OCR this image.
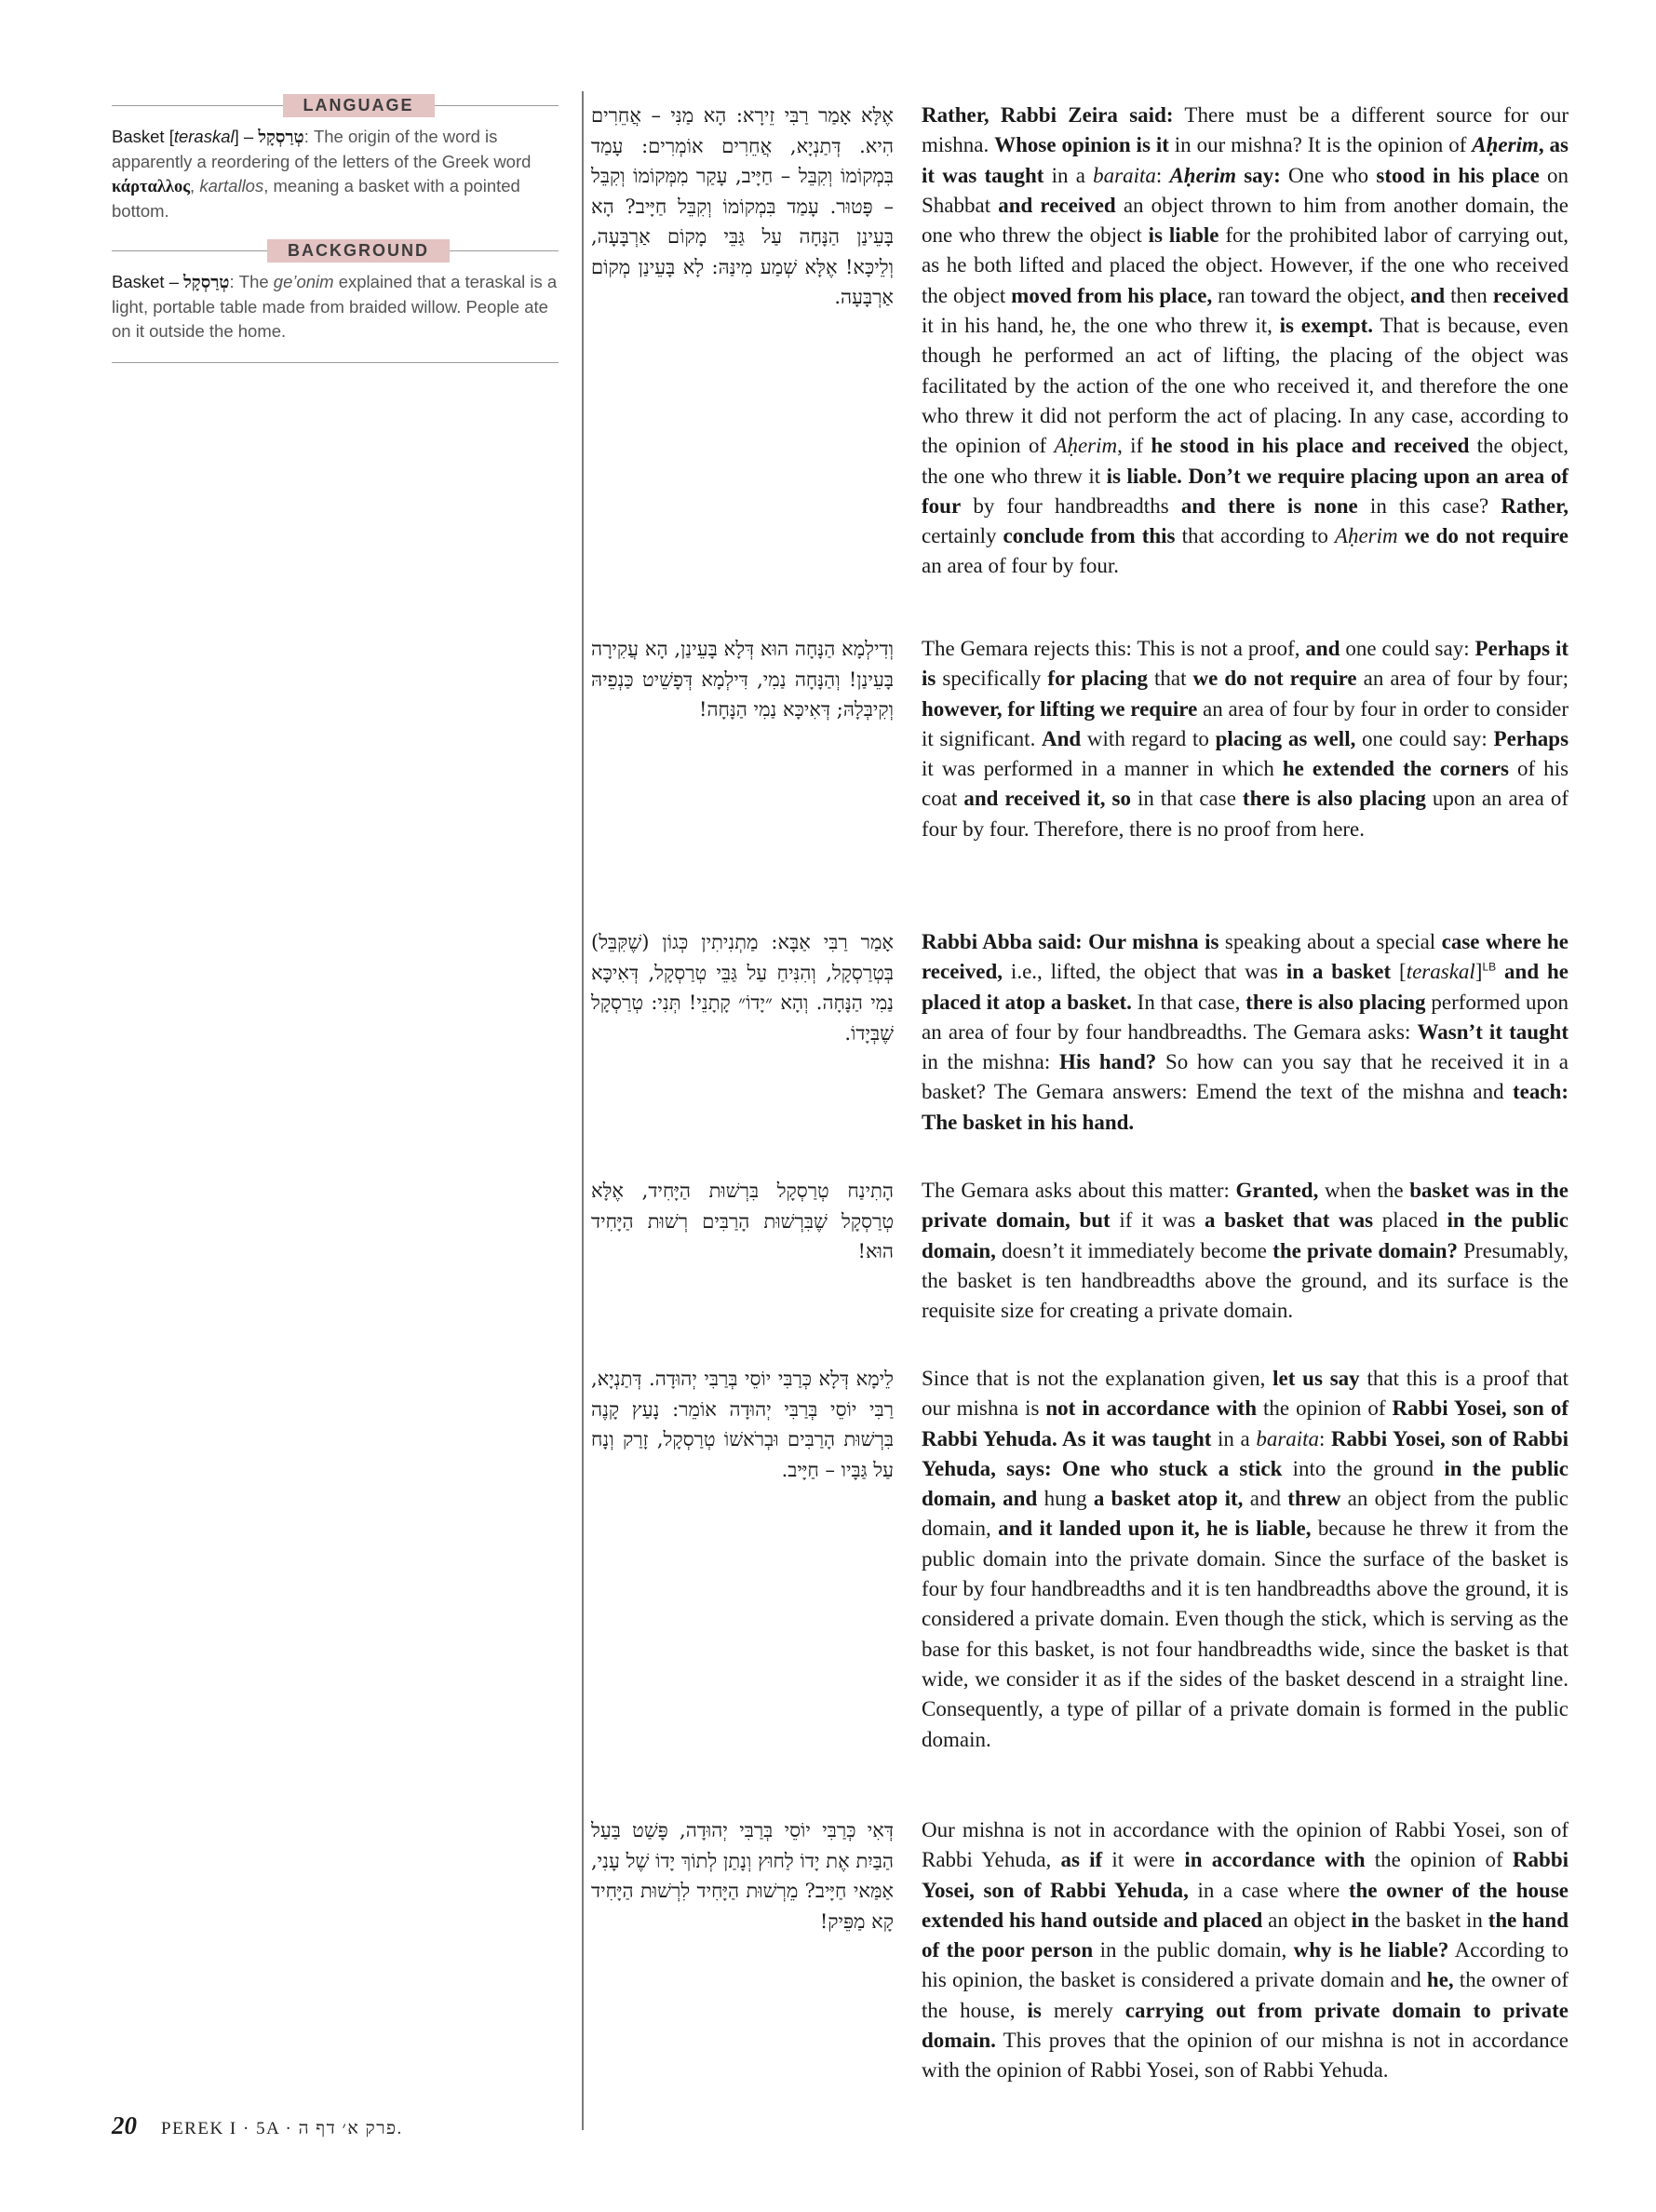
LANGUAGE
Basket [teraskal] – טְרַסְקָל: The origin of the word is apparently a reordering of the letters of the Greek word κάρταλλος, kartallos, meaning a basket with a pointed bottom.
BACKGROUND
Basket – טְרַסְקָל: The ge’onim explained that a teraskal is a light, portable table made from braided willow. People ate on it outside the home.
אֶלָּא אָמַר רַבִּי זֵירָא: הָא מַנִּי – אֲחֵרִים הִיא. דְּתַנְיָא, אֲחֵרִים אוֹמְרִים: עָמַד בִּמְקוֹמוֹ וְקִבֵּל – חַיָּיב, עָקַר מִמְּקוֹמוֹ וְקִבֵּל – פָּטוּר. עָמַד בִּמְקוֹמוֹ וְקִבֵּל חַיָּיב? הָא בָּעֵינַן הַנָּחָה עַל גַּבֵּי מָקוֹם אַרְבָּעָה, וְלֵיכָּא! אֶלָּא שְׁמַע מִינַּהּ: לָא בָּעֵינַן מְקוֹם אַרְבָּעָה.
Rather, Rabbi Zeira said: There must be a different source for our mishna. Whose opinion is it in our mishna? It is the opinion of Aḥerim, as it was taught in a baraita: Aḥerim say: One who stood in his place on Shabbat and received an object thrown to him from another domain, the one who threw the object is liable for the prohibited labor of carrying out, as he both lifted and placed the object. However, if the one who received the object moved from his place, ran toward the object, and then received it in his hand, he, the one who threw it, is exempt. That is because, even though he performed an act of lifting, the placing of the object was facilitated by the action of the one who received it, and therefore the one who threw it did not perform the act of placing. In any case, according to the opinion of Aḥerim, if he stood in his place and received the object, the one who threw it is liable. Don’t we require placing upon an area of four by four handbreadths and there is none in this case? Rather, certainly conclude from this that according to Aḥerim we do not require an area of four by four.
וְדִילְמָא הַנָּחָה הוּא דְּלָא בָּעֵינַן, הָא עֲקִירָה בָּעֵינַן! וְהַנָּחָה נַמִי, דִּילְמָא דְּפָשֵׁיט כַּנְפֵיהּ וְקִיבְּלָהּ; דְּאִיכָּא נַמִי הַנָּחָה!
The Gemara rejects this: This is not a proof, and one could say: Perhaps it is specifically for placing that we do not require an area of four by four; however, for lifting we require an area of four by four in order to consider it significant. And with regard to placing as well, one could say: Perhaps it was performed in a manner in which he extended the corners of his coat and received it, so in that case there is also placing upon an area of four by four. Therefore, there is no proof from here.
אָמַר רַבִּי אַבָּא: מַתְנִיתִין כְּגוֹן (שֶׁקִּבֵּל) בְּטְרַסְקָל, וְהִנִּיחַ עַל גַּבֵּי טְרַסְקָל, דְּאִיכָּא נַמִי הַנָּחָה. וְהָא ״יָדוֹ״ קָתָנֵי! תְּנִי: טְרַסְקָל שֶׁבְּיָדוֹ.
Rabbi Abba said: Our mishna is speaking about a special case where he received, i.e., lifted, the object that was in a basket [teraskal]$^{LB}$ and he placed it atop a basket. In that case, there is also placing performed upon an area of four by four handbreadths. The Gemara asks: Wasn’t it taught in the mishna: His hand? So how can you say that he received it in a basket? The Gemara answers: Emend the text of the mishna and teach: The basket in his hand.
הָתִינַח טְרַסְקָל בִּרְשׁוּת הַיָּחִיד, אֶלָּא טְרַסְקָל שֶׁבִּרְשׁוּת הָרַבִּים רְשׁוּת הַיָּחִיד הוּא!
The Gemara asks about this matter: Granted, when the basket was in the private domain, but if it was a basket that was placed in the public domain, doesn’t it immediately become the private domain? Presumably, the basket is ten handbreadths above the ground, and its surface is the requisite size for creating a private domain.
לֵימָא דְּלָא כְּרַבִּי יוֹסֵי בְּרַבִּי יְהוּדָה. דְּתַנְיָא, רַבִּי יוֹסֵי בְּרַבִּי יְהוּדָה אוֹמֵר: נָעַץ קָנֶה בִּרְשׁוּת הָרַבִּים וּבְרֹאשׁוֹ טְרַסְקָל, זָרַק וְנָח עַל גַּבָּיו – חַיָּיב.
Since that is not the explanation given, let us say that this is a proof that our mishna is not in accordance with the opinion of Rabbi Yosei, son of Rabbi Yehuda. As it was taught in a baraita: Rabbi Yosei, son of Rabbi Yehuda, says: One who stuck a stick into the ground in the public domain, and hung a basket atop it, and threw an object from the public domain, and it landed upon it, he is liable, because he threw it from the public domain into the private domain. Since the surface of the basket is four by four handbreadths and it is ten handbreadths above the ground, it is considered a private domain. Even though the stick, which is serving as the base for this basket, is not four handbreadths wide, since the basket is that wide, we consider it as if the sides of the basket descend in a straight line. Consequently, a type of pillar of a private domain is formed in the public domain.
דְּאִי כְּרַבִּי יוֹסֵי בְּרַבִּי יְהוּדָה, פָּשַׁט בַּעַל הַבַּיִת אֶת יָדוֹ לַחוּץ וְנָתַן לְתוֹךְ יָדוֹ שֶׁל עָנִי, אַמַּאי חַיָּיב? מֵרְשׁוּת הַיָּחִיד לִרְשׁוּת הַיָּחִיד קָא מַפֵּיק!
Our mishna is not in accordance with the opinion of Rabbi Yosei, son of Rabbi Yehuda, as if it were in accordance with the opinion of Rabbi Yosei, son of Rabbi Yehuda, in a case where the owner of the house extended his hand outside and placed an object in the basket in the hand of the poor person in the public domain, why is he liable? According to his opinion, the basket is considered a private domain and he, the owner of the house, is merely carrying out from private domain to private domain. This proves that the opinion of our mishna is not in accordance with the opinion of Rabbi Yosei, son of Rabbi Yehuda.
20 PEREK I · 5A · פרק א׳ דף ה.
